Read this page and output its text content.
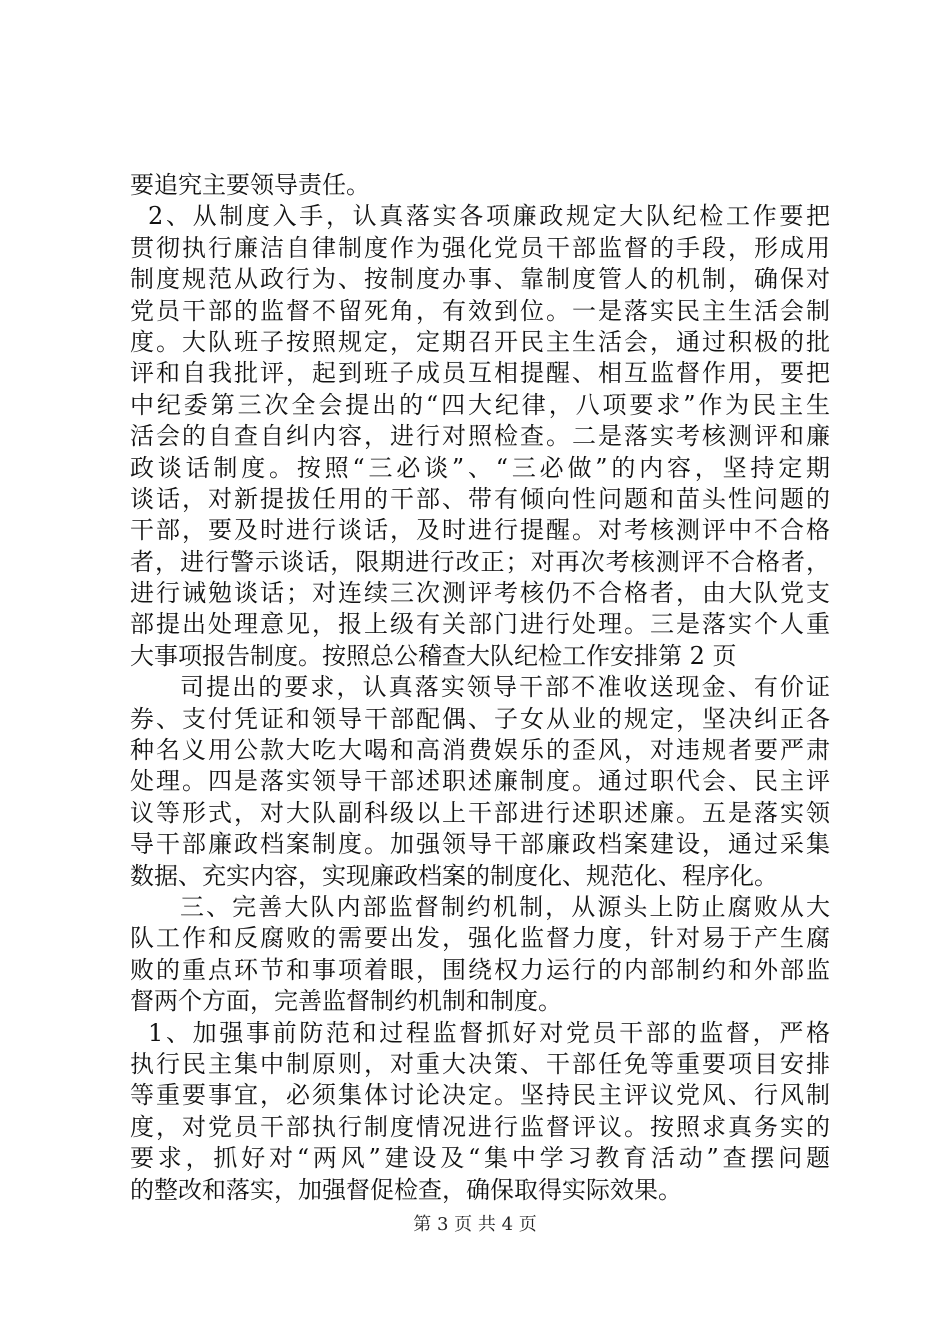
要追究主要领导责任。
2、从制度入手，认真落实各项廉政规定大队纪检工作要把
贯彻执行廉洁自律制度作为强化党员干部监督的手段，形成用
制度规范从政行为、按制度办事、靠制度管人的机制，确保对
党员干部的监督不留死角，有效到位。一是落实民主生活会制
度。大队班子按照规定，定期召开民主生活会，通过积极的批
评和自我批评，起到班子成员互相提醒、相互监督作用，要把
中纪委第三次全会提出的“四大纪律，八项要求”作为民主生
活会的自查自纠内容，进行对照检查。二是落实考核测评和廉
政谈话制度。按照“三必谈”、“三必做”的内容，坚持定期
谈话，对新提拔任用的干部、带有倾向性问题和苗头性问题的
干部，要及时进行谈话，及时进行提醒。对考核测评中不合格
者，进行警示谈话，限期进行改正；对再次考核测评不合格者，
进行诫勉谈话；对连续三次测评考核仍不合格者，由大队党支
部提出处理意见，报上级有关部门进行处理。三是落实个人重
大事项报告制度。按照总公稽查大队纪检工作安排第 2 页
司提出的要求，认真落实领导干部不准收送现金、有价证
券、支付凭证和领导干部配偶、子女从业的规定，坚决纠正各
种名义用公款大吃大喝和高消费娱乐的歪风，对违规者要严肃
处理。四是落实领导干部述职述廉制度。通过职代会、民主评
议等形式，对大队副科级以上干部进行述职述廉。五是落实领
导干部廉政档案制度。加强领导干部廉政档案建设，通过采集
数据、充实内容，实现廉政档案的制度化、规范化、程序化。
三、完善大队内部监督制约机制，从源头上防止腐败从大
队工作和反腐败的需要出发，强化监督力度，针对易于产生腐
败的重点环节和事项着眼，围绕权力运行的内部制约和外部监
督两个方面，完善监督制约机制和制度。
1、加强事前防范和过程监督抓好对党员干部的监督，严格
执行民主集中制原则，对重大决策、干部任免等重要项目安排
等重要事宜，必须集体讨论决定。坚持民主评议党风、行风制
度，对党员干部执行制度情况进行监督评议。按照求真务实的
要求，抓好对“两风”建设及“集中学习教育活动”查摆问题
的整改和落实，加强督促检查，确保取得实际效果。
第 3 页 共 4 页
